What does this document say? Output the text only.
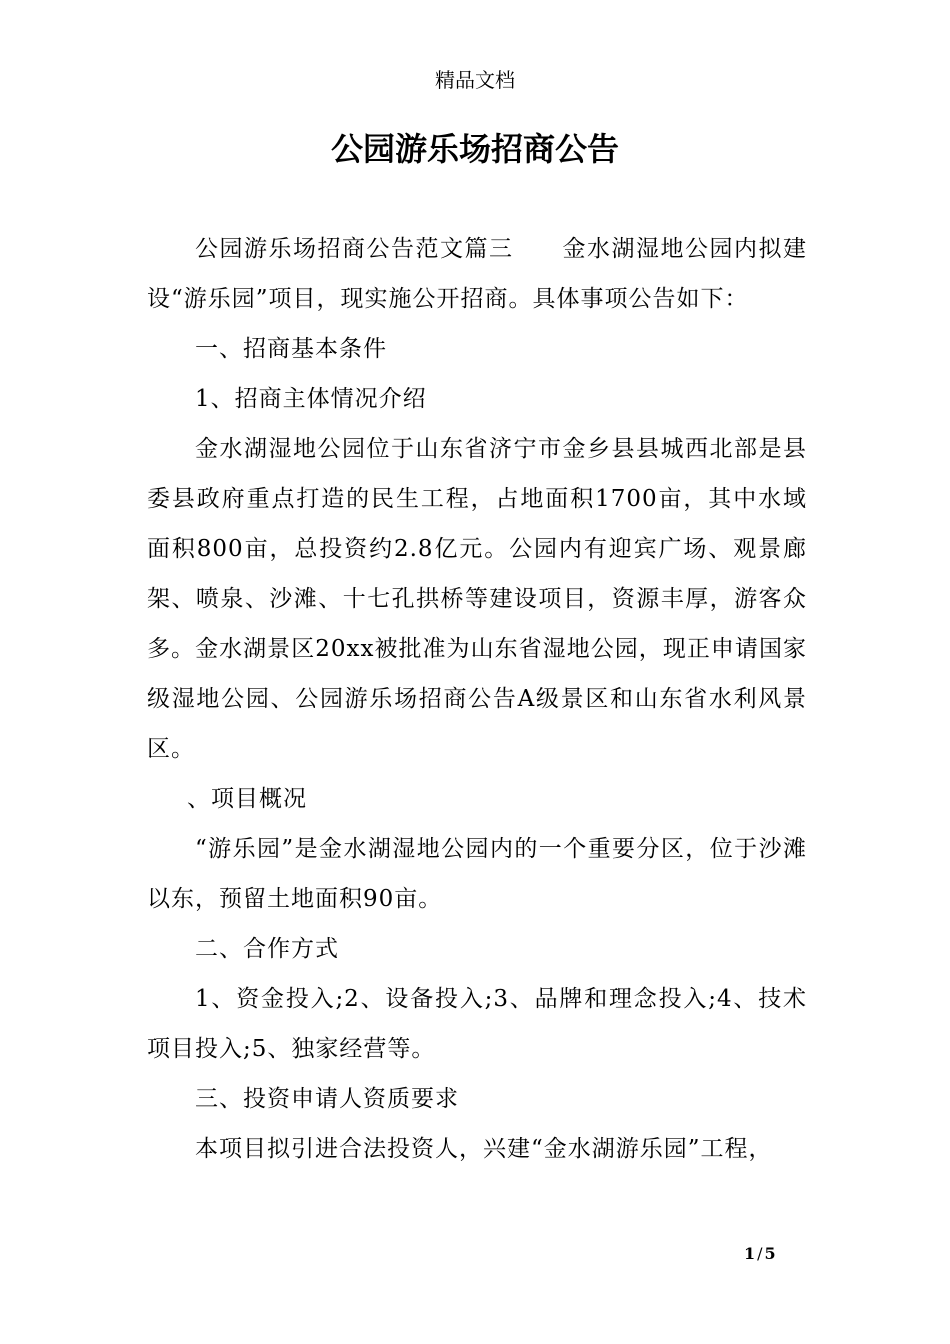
精品文档
公园游乐场招商公告

公园游乐场招商公告范文篇三　　金水湖湿地公园内拟建设“游乐园”项目，现实施公开招商。具体事项公告如下：

一、招商基本条件

1、招商主体情况介绍

金水湖湿地公园位于山东省济宁市金乡县县城西北部是县委县政府重点打造的民生工程，占地面积1700亩，其中水域面积800亩，总投资约2.8亿元。公园内有迎宾广场、观景廊架、喷泉、沙滩、十七孔拱桥等建设项目，资源丰厚，游客众多。金水湖景区20xx被批准为山东省湿地公园，现正申请国家级湿地公园、公园游乐场招商公告A级景区和山东省水利风景区。

、项目概况

“游乐园”是金水湖湿地公园内的一个重要分区，位于沙滩以东，预留土地面积90亩。

二、合作方式

1、资金投入;2、设备投入;3、品牌和理念投入;4、技术项目投入;5、独家经营等。

三、投资申请人资质要求

本项目拟引进合法投资人，兴建“金水湖游乐园”工程，

1 / 5
